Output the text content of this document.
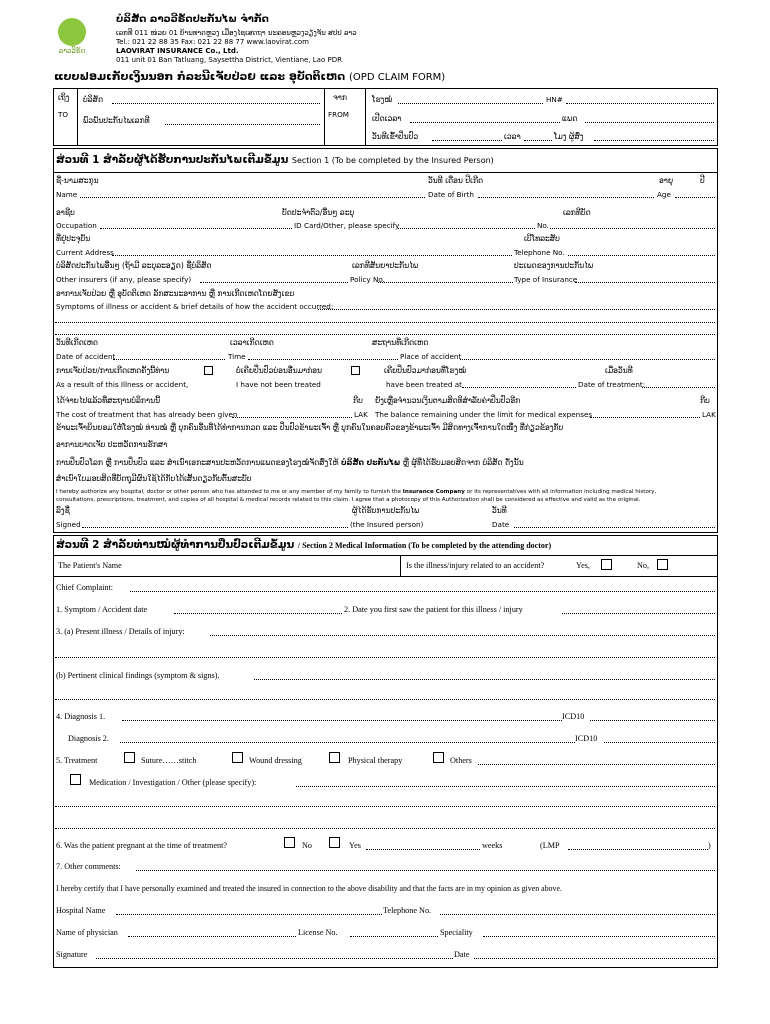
ລາວວີຣັດ
ບໍລິສັດ ລາວວີຣັດປະກັນໄພ ຈຳກັດ
ເລກທີ 011 ໜ່ວຍ 01 ບ້ານທາດຫຼວງ ເມືອງໄຊເສດຖາ ນະຄອນຫຼວງວຽງຈັນ ສປປ ລາວ
Tel.: 021 22 88 35 Fax: 021 22 88 77 www.laovirat.com
LAOVIRAT INSURANCE Co., Ltd.
011 unit 01 Ban Tatluang, Saysettha District, Vientiane, Lao PDR
ແບບຟອມເກັບເງິນນອກ ກໍລະນີເຈັບປ່ວຍ ແລະ ອຸບັດຕິເຫດ (OPD CLAIM FORM)
ເຖິງ
TO
ບໍລິສັດ
ພົວພັນປະກັນໄພເລກທີ
ຈາກ
FROM
ໂຮງໝໍ	HN#
ເປີດເວລາ	ແພດ
ວັນທີເຂົ້າປິ່ນປົວ	ເວລາ	ໂມງ ຜູ້ສົ່ງ
ສ່ວນທີ 1 ສຳລັບຜູ້ໄດ້ຮັບການປະກັນໄພເຕີມຂໍ້ມູນ Section 1 (To be completed by the Insured Person)
ຊື່-ນາມສະກຸນ	ວັນທີ ເດືອນ ປີເກີດ	ອາຍຸ	ປີ
Name	Date of Birth	Age
ອາຊີບ	ບັດປະຈຳຕົວ/ອື່ນໆ ລະບຸ	ເລກທີບັດ
Occupation	ID Card/Other, please specify	No.
ທີ່ຢູ່ປະຈຸບັນ	ເບີໂທລະສັບ
Current Address	Telephone No.
ບໍລິສັດປະກັນໄພອື່ນໆ (ຖ້າມີ ລະບຸລະອຽດ) ຊື່ບໍລິສັດ	ເລກທີສັນຍາປະກັນໄພ	ປະເພດຂອງການປະກັນໄພ
Other insurers (if any, please specify)	Policy No.	Type of Insurance
ອາການເຈັບປ່ວຍ ຫຼື ອຸບັດຕິເຫດ ລັກສະນະອາການ ຫຼື ການເກີດເຫດໂດຍສັງເຂບ
Symptoms of illness or accident & brief details of how the accident occurred:
ວັນທີເກີດເຫດ	ເວລາເກີດເຫດ	ສະຖານທີ່ເກີດເຫດ
Date of accident	Time	Place of accident
ການເຈັບປ່ວຍ/ການເກີດເຫດຄັ້ງນີ້ທ່ານ	ບໍ່ເຄີຍປິ່ນປົວບ່ອນອື່ນມາກ່ອນ	ເຄີຍປິ່ນປົວມາກ່ອນທີ່ໂຮງໝໍ	ເມື່ອວັນທີ
As a result of this Illness or accident,	I have not been treated	have been treated at	Date of treatment:
ໄດ້ຈ່າຍໄປແລ້ວທີ່ສະຖານບໍລິການນີ້	ກີບ ຍັງເຫຼືອຈຳນວນເງິນຕາມສິດທິສຳລັບຄ່າປິ່ນປົວອີກ	ກີບ
The cost of treatment that has already been given	LAK The balance remaining under the limit for medical expenses	LAK
ຂ້າພະເຈົ້າຍິນຍອມໃຫ້ໂຮງໝໍ ທ່ານໝໍ ຫຼື ບຸກຄົນອື່ນທີ່ໄດ້ທຳການກວດ ແລະ ປິ່ນປົວຂ້າພະເຈົ້າ ຫຼື ບຸກຄົນໃນຄອບຄົວຂອງຂ້າພະເຈົ້າ ມີສິດທາງເຈົ້າການໃດໜຶ່ງ ທີ່ກ່ຽວຂ້ອງກັບ
ອາການບາດເຈັບ ປະຫວັດການຮັກສາ
ການປິ່ນປົວໂລກ ຫຼື ການປິ່ນປົວ ແລະ ສຳເນົາເອກະສານປະຫວັດການແພດຂອງໂຮງໝໍຈັດສົ່ງໃຫ້ ບໍລິສັດ ປະກັນໄພ ຫຼື ຜູ້ທີ່ໄດ້ຮັບມອບສິດຈາກ ບໍລິສັດ ດັ່ງນັ້ນ
ສຳເນົາໃບມອບສິດທີ່ບັດຖຸມີຜົນໃຊ້ໄດ້ກັບໄດ້ເສັ້ນດຽວກັບຕົ້ນສະບັບ
I hereby authorize any hospital, doctor or other person who has attended to me or any member of my family to furnish the Insurance Company or its representatives with all information including medical history,
consultations, prescriptions, treatment, and copies of all hospital & medical records related to this claim. I agree that a photocopy of this Authorization shall be considered as effective and valid as the original.
ລົງຊື່	ຜູ້ໄດ້ຮັບການປະກັນໄພ	ວັນທີ
Signed	(the Insured person)	Date
ສ່ວນທີ 2 ສຳລັບທ່ານໝໍຜູ້ທຳການປິ່ນປົວເຕີມຂໍ້ມູນ / Section 2 Medical Information (To be completed by the attending doctor)
The Patient's Name	Is the illness/injury related to an accident?	Yes,	No,
Chief Complaint:
1. Symptom / Accident date	2. Date you first saw the patient for this illness / injury
3. (a) Present illness / Details of injury:
(b) Pertinent clinical findings (symptom & signs).
4. Diagnosis 1.	ICD10
Diagnosis 2.	ICD10
5. Treatment	Suture……stitch	Wound dressing	Physical therapy	Others
Medication / Investigation / Other (please specify):
6. Was the patient pregnant at the time of treatment?	No	Yes	weeks	(LMP	)
7. Other comments:
I hereby certify that I have personally examined and treated the insured in connection to the above disability and that the facts are in my opinion as given above.
Hospital Name	Telephone No.
Name of physician	License No.	Speciality
Signature	Date
